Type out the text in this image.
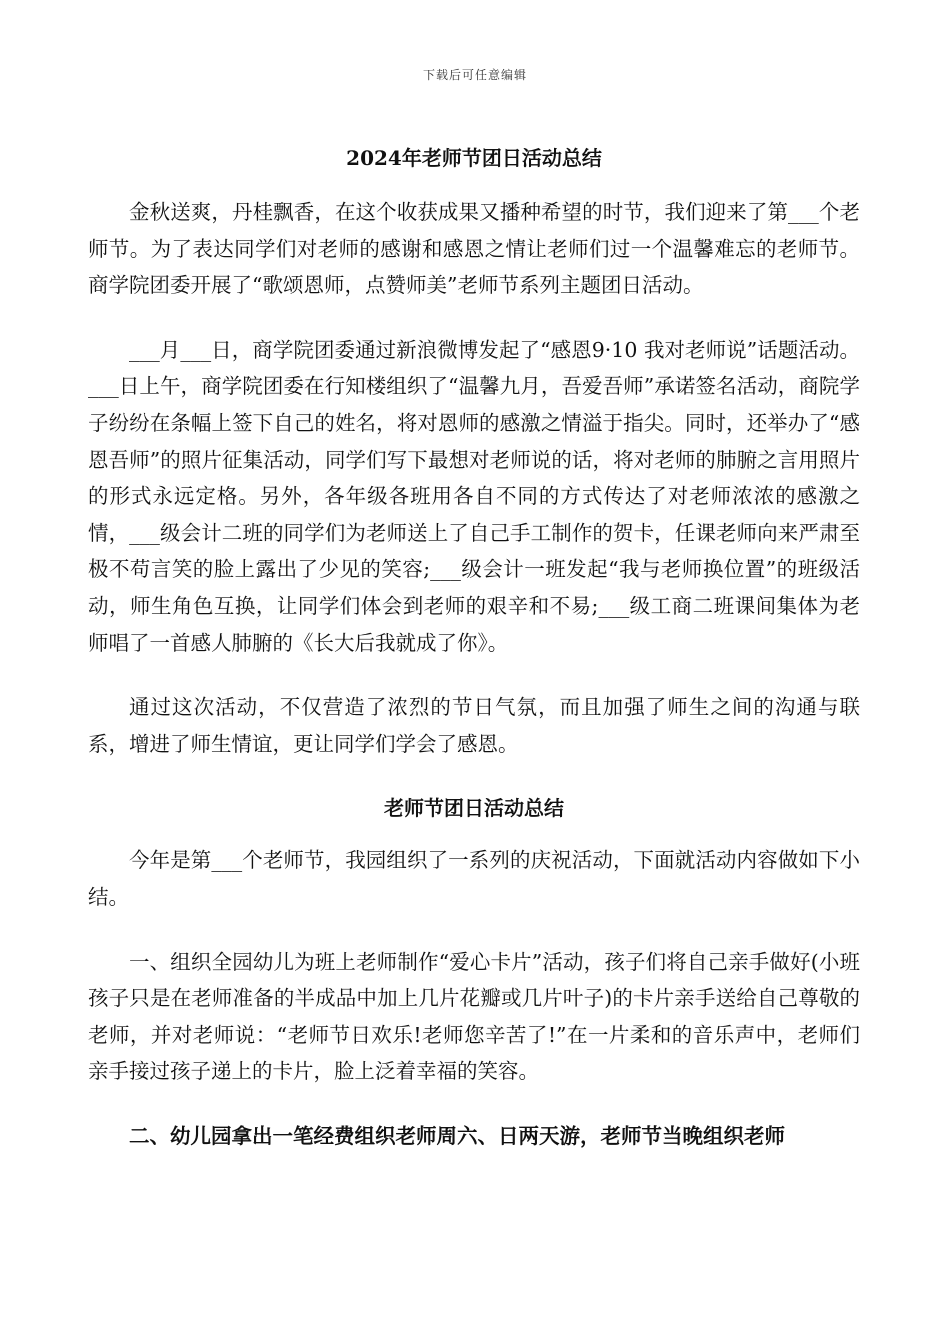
下载后可任意编辑
2024年老师节团日活动总结

金秋送爽，丹桂飘香，在这个收获成果又播种希望的时节，我们迎来了第___个老师节。为了表达同学们对老师的感谢和感恩之情让老师们过一个温馨难忘的老师节。商学院团委开展了“歌颂恩师，点赞师美”老师节系列主题团日活动。

___月___日，商学院团委通过新浪微博发起了“感恩9·10 我对老师说”话题活动。___日上午，商学院团委在行知楼组织了“温馨九月，吾爱吾师”承诺签名活动，商院学子纷纷在条幅上签下自己的姓名，将对恩师的感激之情溢于指尖。同时，还举办了“感恩吾师”的照片征集活动，同学们写下最想对老师说的话，将对老师的肺腑之言用照片的形式永远定格。另外，各年级各班用各自不同的方式传达了对老师浓浓的感激之情，___级会计二班的同学们为老师送上了自己手工制作的贺卡，任课老师向来严肃至极不苟言笑的脸上露出了少见的笑容;___级会计一班发起“我与老师换位置”的班级活动，师生角色互换，让同学们体会到老师的艰辛和不易;___级工商二班课间集体为老师唱了一首感人肺腑的《长大后我就成了你》。

通过这次活动，不仅营造了浓烈的节日气氛，而且加强了师生之间的沟通与联系，增进了师生情谊，更让同学们学会了感恩。

老师节团日活动总结

今年是第___个老师节，我园组织了一系列的庆祝活动，下面就活动内容做如下小结。

一、组织全园幼儿为班上老师制作“爱心卡片”活动，孩子们将自己亲手做好(小班孩子只是在老师准备的半成品中加上几片花瓣或几片叶子)的卡片亲手送给自己尊敬的老师，并对老师说：“老师节日欢乐!老师您辛苦了!”在一片柔和的音乐声中，老师们亲手接过孩子递上的卡片，脸上泛着幸福的笑容。

二、幼儿园拿出一笔经费组织老师周六、日两天游，老师节当晚组织老师
